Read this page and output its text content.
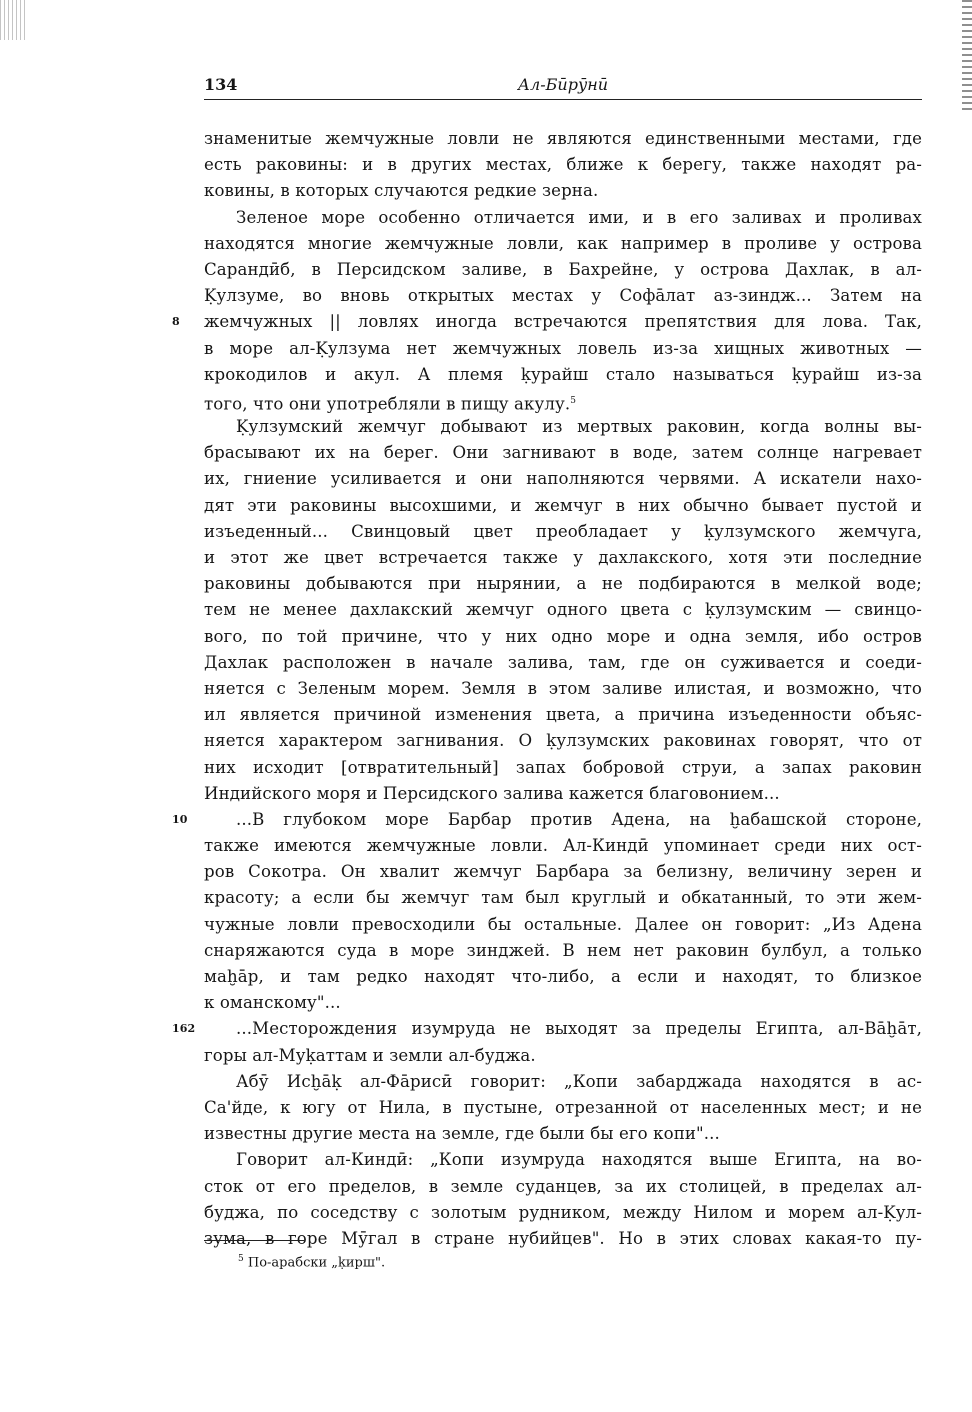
134	Ал-Бӣрӯнӣ

знаменитые жемчужные ловли не являются единственными местами, где
есть раковины: и в других местах, ближе к берегу, также находят ра-
ковины, в которых случаются редкие зерна.

Зеленое море особенно отличается ими, и в его заливах и проливах
находятся многие жемчужные ловли, как например в проливе у острова
Сарандӣб, в Персидском заливе, в Бахрейне, у острова Дахлак, в ал-
Ḳулзуме, во вновь открытых местах у Софāлат аз-зиндж... Затем на
8 жемчужных || ловлях иногда встречаются препятствия для лова. Так,
в море ал-Ḳулзума нет жемчужных ловель из-за хищных животных —
крокодилов и акул. А племя ḳурайш стало называться ḳурайш из-за
того, что они употребляли в пищу акулу.$^5$

Ḳулзумский жемчуг добывают из мертвых раковин, когда волны вы-
брасывают их на берег. Они загнивают в воде, затем солнце нагревает
их, гниение усиливается и они наполняются червями. А искатели нахо-
дят эти раковины высохшими, и жемчуг в них обычно бывает пустой и
изъеденный... Свинцовый цвет преобладает у ḳулзумского жемчуга,
и этот же цвет встречается также у дахлакского, хотя эти последние
раковины добываются при нырянии, а не подбираются в мелкой воде;
тем не менее дахлакский жемчуг одного цвета с ḳулзумским — свинцо-
вого, по той причине, что у них одно море и одна земля, ибо остров
Дахлак расположен в начале залива, там, где он суживается и соеди-
няется с Зеленым морем. Земля в этом заливе илистая, и возможно, что
ил является причиной изменения цвета, а причина изъеденности объяс-
няется характером загнивания. О ḳулзумских раковинах говорят, что от
них исходит [отвратительный] запах бобровой струи, а запах раковин
Индийского моря и Персидского залива кажется благовонием...

10	...В глубоком море Барбар против Адена, на ḫабашской стороне,
также имеются жемчужные ловли. Ал-Киндӣ упоминает среди них ост-
ров Сокотра. Он хвалит жемчуг Барбара за белизну, величину зерен и
красоту; а если бы жемчуг там был круглый и обкатанный, то эти жем-
чужные ловли превосходили бы остальные. Далее он говорит: „Из Адена
снаряжаются суда в море зинджей. В нем нет раковин булбул, а только
маḫāр, и там редко находят что-либо, а если и находят, то близкое
к оманскому"...

162 ...Месторождения изумруда не выходят за пределы Египта, ал-Вāḫāт,
горы ал-Муḳаттам и земли ал-буджа.

Абӯ Исḫāḳ ал-Фāрисӣ говорит: „Копи забарджада находятся в ас-
Са'йде, к югу от Нила, в пустыне, отрезанной от населенных мест; и не
известны другие места на земле, где были бы его копи"...

Говорит ал-Киндӣ: „Копи изумруда находятся выше Египта, на во-
сток от его пределов, в земле суданцев, за их столицей, в пределах ал-
буджа, по соседству с золотым рудником, между Нилом и морем ал-Ḳул-
зума, в горе Мӯгал в стране нубийцев". Но в этих словах какая-то пу-

$^5$ По-арабски „ḳирш".
